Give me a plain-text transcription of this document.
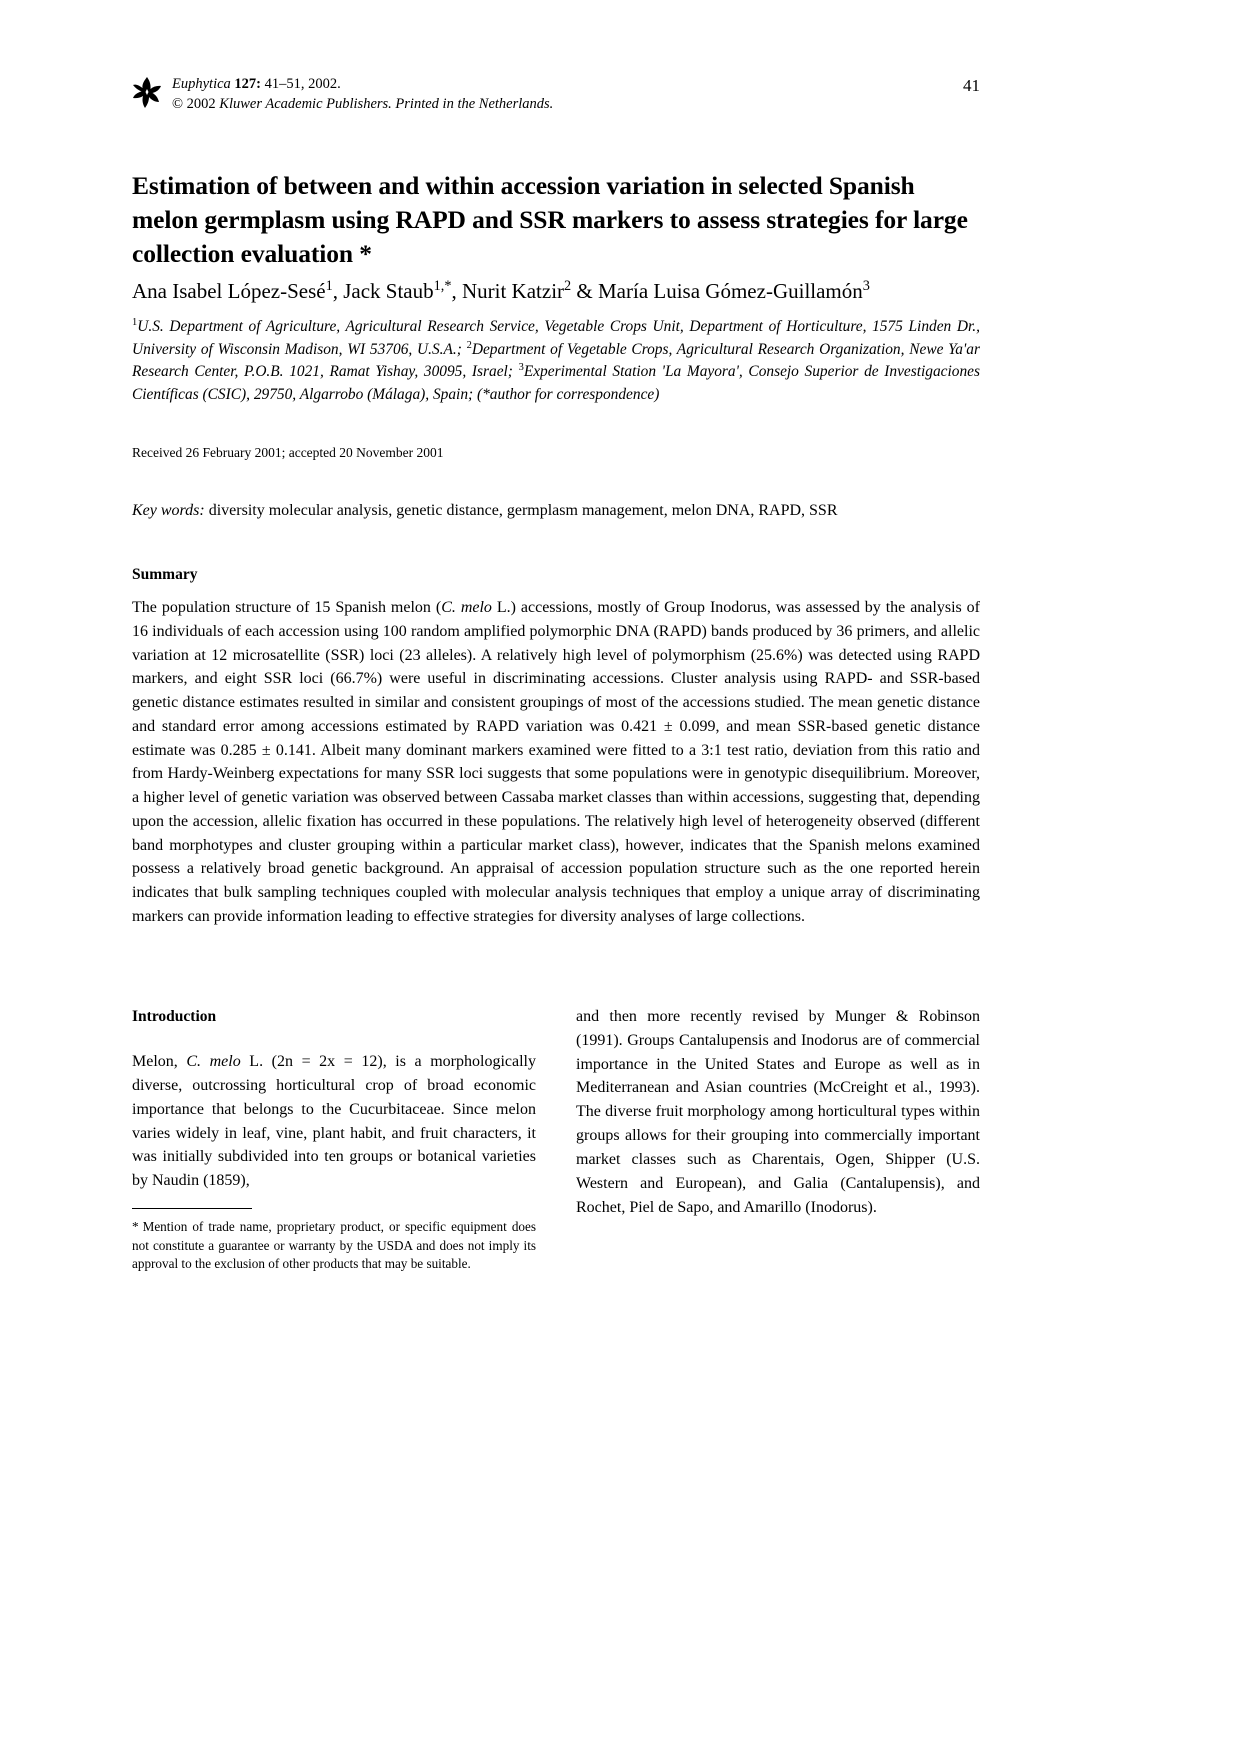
Euphytica 127: 41–51, 2002.
© 2002 Kluwer Academic Publishers. Printed in the Netherlands.
41
Estimation of between and within accession variation in selected Spanish melon germplasm using RAPD and SSR markers to assess strategies for large collection evaluation *
Ana Isabel López-Sesé$^1$, Jack Staub$^{1,*}$, Nurit Katzir$^2$ & María Luisa Gómez-Guillamón$^3$
$^1$U.S. Department of Agriculture, Agricultural Research Service, Vegetable Crops Unit, Department of Horticulture, 1575 Linden Dr., University of Wisconsin Madison, WI 53706, U.S.A.; $^2$Department of Vegetable Crops, Agricultural Research Organization, Newe Ya'ar Research Center, P.O.B. 1021, Ramat Yishay, 30095, Israel; $^3$Experimental Station 'La Mayora', Consejo Superior de Investigaciones Científicas (CSIC), 29750, Algarrobo (Málaga), Spain; (*author for correspondence)
Received 26 February 2001; accepted 20 November 2001
Key words: diversity molecular analysis, genetic distance, germplasm management, melon DNA, RAPD, SSR
Summary
The population structure of 15 Spanish melon (C. melo L.) accessions, mostly of Group Inodorus, was assessed by the analysis of 16 individuals of each accession using 100 random amplified polymorphic DNA (RAPD) bands produced by 36 primers, and allelic variation at 12 microsatellite (SSR) loci (23 alleles). A relatively high level of polymorphism (25.6%) was detected using RAPD markers, and eight SSR loci (66.7%) were useful in discriminating accessions. Cluster analysis using RAPD- and SSR-based genetic distance estimates resulted in similar and consistent groupings of most of the accessions studied. The mean genetic distance and standard error among accessions estimated by RAPD variation was 0.421 ± 0.099, and mean SSR-based genetic distance estimate was 0.285 ± 0.141. Albeit many dominant markers examined were fitted to a 3:1 test ratio, deviation from this ratio and from Hardy-Weinberg expectations for many SSR loci suggests that some populations were in genotypic disequilibrium. Moreover, a higher level of genetic variation was observed between Cassaba market classes than within accessions, suggesting that, depending upon the accession, allelic fixation has occurred in these populations. The relatively high level of heterogeneity observed (different band morphotypes and cluster grouping within a particular market class), however, indicates that the Spanish melons examined possess a relatively broad genetic background. An appraisal of accession population structure such as the one reported herein indicates that bulk sampling techniques coupled with molecular analysis techniques that employ a unique array of discriminating markers can provide information leading to effective strategies for diversity analyses of large collections.
Introduction

Melon, C. melo L. (2n = 2x = 12), is a morphologically diverse, outcrossing horticultural crop of broad economic importance that belongs to the Cucurbitaceae. Since melon varies widely in leaf, vine, plant habit, and fruit characters, it was initially subdivided into ten groups or botanical varieties by Naudin (1859),

and then more recently revised by Munger & Robinson (1991). Groups Cantalupensis and Inodorus are of commercial importance in the United States and Europe as well as in Mediterranean and Asian countries (McCreight et al., 1993). The diverse fruit morphology among horticultural types within groups allows for their grouping into commercially important market classes such as Charentais, Ogen, Shipper (U.S. Western and European), and Galia (Cantalupensis), and Rochet, Piel de Sapo, and Amarillo (Inodorus).

* Mention of trade name, proprietary product, or specific equipment does not constitute a guarantee or warranty by the USDA and does not imply its approval to the exclusion of other products that may be suitable.
